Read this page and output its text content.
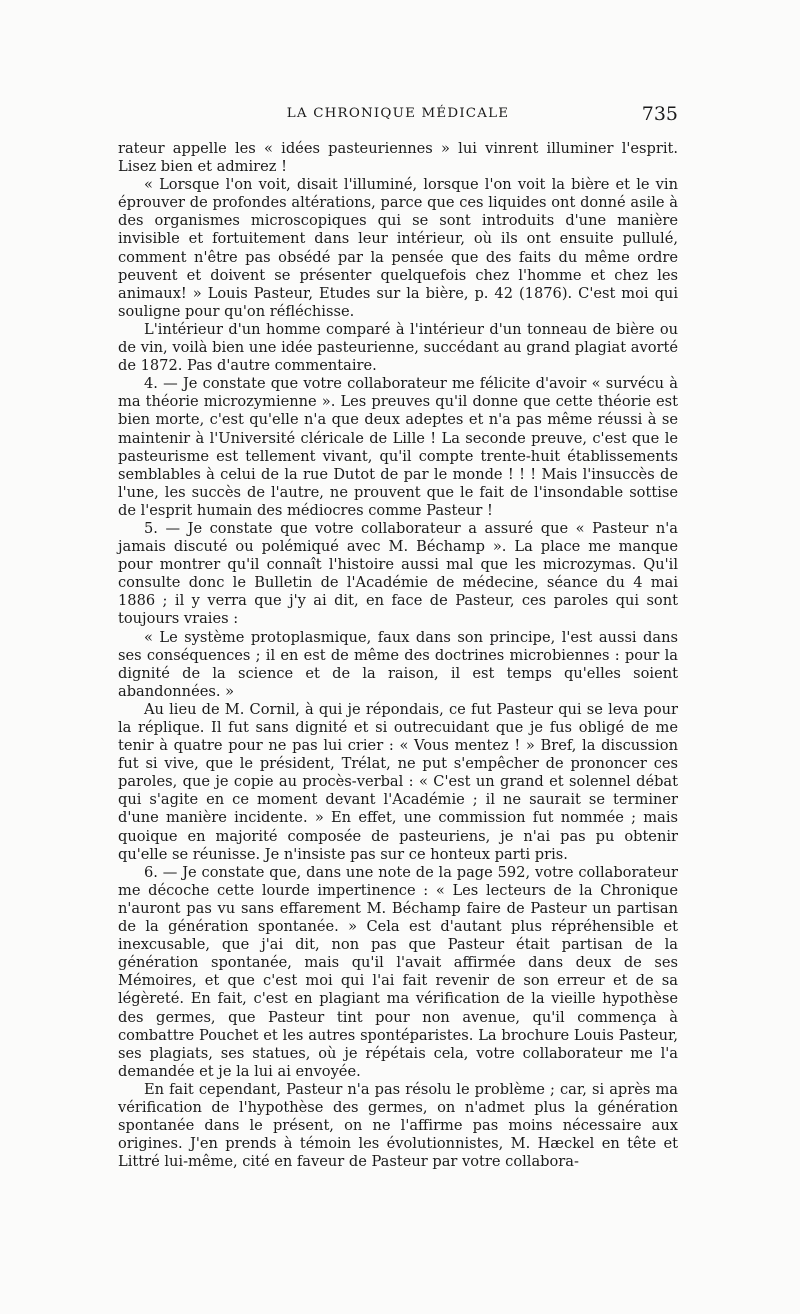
LA CHRONIQUE MÉDICALE	735

rateur appelle les « idées pasteuriennes » lui vinrent illuminer l'esprit. Lisez bien et admirez !

« Lorsque l'on voit, disait l'illuminé, lorsque l'on voit la bière et le vin éprouver de profondes altérations, parce que ces liquides ont donné asile à des organismes microscopiques qui se sont introduits d'une manière invisible et fortuitement dans leur intérieur, où ils ont ensuite pullulé, comment n'être pas obsédé par la pensée que des faits du même ordre peuvent et doivent se présenter quelquefois chez l'homme et chez les animaux! » Louis Pasteur, Etudes sur la bière, p. 42 (1876). C'est moi qui souligne pour qu'on réfléchisse.

L'intérieur d'un homme comparé à l'intérieur d'un tonneau de bière ou de vin, voilà bien une idée pasteurienne, succédant au grand plagiat avorté de 1872. Pas d'autre commentaire.

4. — Je constate que votre collaborateur me félicite d'avoir « survécu à ma théorie microzymienne ». Les preuves qu'il donne que cette théorie est bien morte, c'est qu'elle n'a que deux adeptes et n'a pas même réussi à se maintenir à l'Université cléricale de Lille ! La seconde preuve, c'est que le pasteurisme est tellement vivant, qu'il compte trente-huit établissements semblables à celui de la rue Dutot de par le monde ! ! ! Mais l'insuccès de l'une, les succès de l'autre, ne prouvent que le fait de l'insondable sottise de l'esprit humain des médiocres comme Pasteur !

5. — Je constate que votre collaborateur a assuré que « Pasteur n'a jamais discuté ou polémiqué avec M. Béchamp ». La place me manque pour montrer qu'il connaît l'histoire aussi mal que les microzymas. Qu'il consulte donc le Bulletin de l'Académie de médecine, séance du 4 mai 1886 ; il y verra que j'y ai dit, en face de Pasteur, ces paroles qui sont toujours vraies :

« Le système protoplasmique, faux dans son principe, l'est aussi dans ses conséquences ; il en est de même des doctrines microbiennes : pour la dignité de la science et de la raison, il est temps qu'elles soient abandonnées. »

Au lieu de M. Cornil, à qui je répondais, ce fut Pasteur qui se leva pour la réplique. Il fut sans dignité et si outrecuidant que je fus obligé de me tenir à quatre pour ne pas lui crier : « Vous mentez ! » Bref, la discussion fut si vive, que le président, Trélat, ne put s'empêcher de prononcer ces paroles, que je copie au procès-verbal : « C'est un grand et solennel débat qui s'agite en ce moment devant l'Académie ; il ne saurait se terminer d'une manière incidente. » En effet, une commission fut nommée ; mais quoique en majorité composée de pasteuriens, je n'ai pas pu obtenir qu'elle se réunisse. Je n'insiste pas sur ce honteux parti pris.

6. — Je constate que, dans une note de la page 592, votre collaborateur me décoche cette lourde impertinence : « Les lecteurs de la Chronique n'auront pas vu sans effarement M. Béchamp faire de Pasteur un partisan de la génération spontanée. » Cela est d'autant plus répréhensible et inexcusable, que j'ai dit, non pas que Pasteur était partisan de la génération spontanée, mais qu'il l'avait affirmée dans deux de ses Mémoires, et que c'est moi qui l'ai fait revenir de son erreur et de sa légèreté. En fait, c'est en plagiant ma vérification de la vieille hypothèse des germes, que Pasteur tint pour non avenue, qu'il commença à combattre Pouchet et les autres spontéparistes. La brochure Louis Pasteur, ses plagiats, ses statues, où je répétais cela, votre collaborateur me l'a demandée et je la lui ai envoyée.

En fait cependant, Pasteur n'a pas résolu le problème ; car, si après ma vérification de l'hypothèse des germes, on n'admet plus la génération spontanée dans le présent, on ne l'affirme pas moins nécessaire aux origines. J'en prends à témoin les évolutionnistes, M. Hæckel en tête et Littré lui-même, cité en faveur de Pasteur par votre collabora-
